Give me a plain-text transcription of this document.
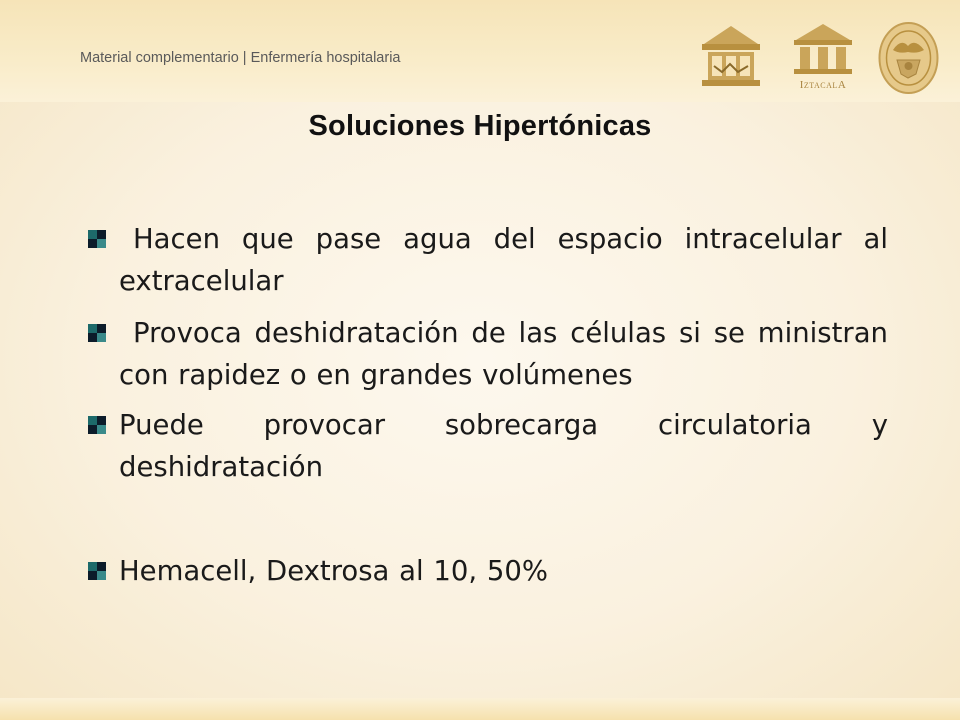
Material complementario | Enfermería hospitalaria
IZTACALA
Soluciones Hipertónicas
Hacen que pase agua del espacio intracelular al extracelular
Provoca deshidratación de las células si se ministran con rapidez o en grandes volúmenes
Puede provocar sobrecarga circulatoria y deshidratación
Hemacell, Dextrosa al 10, 50%
